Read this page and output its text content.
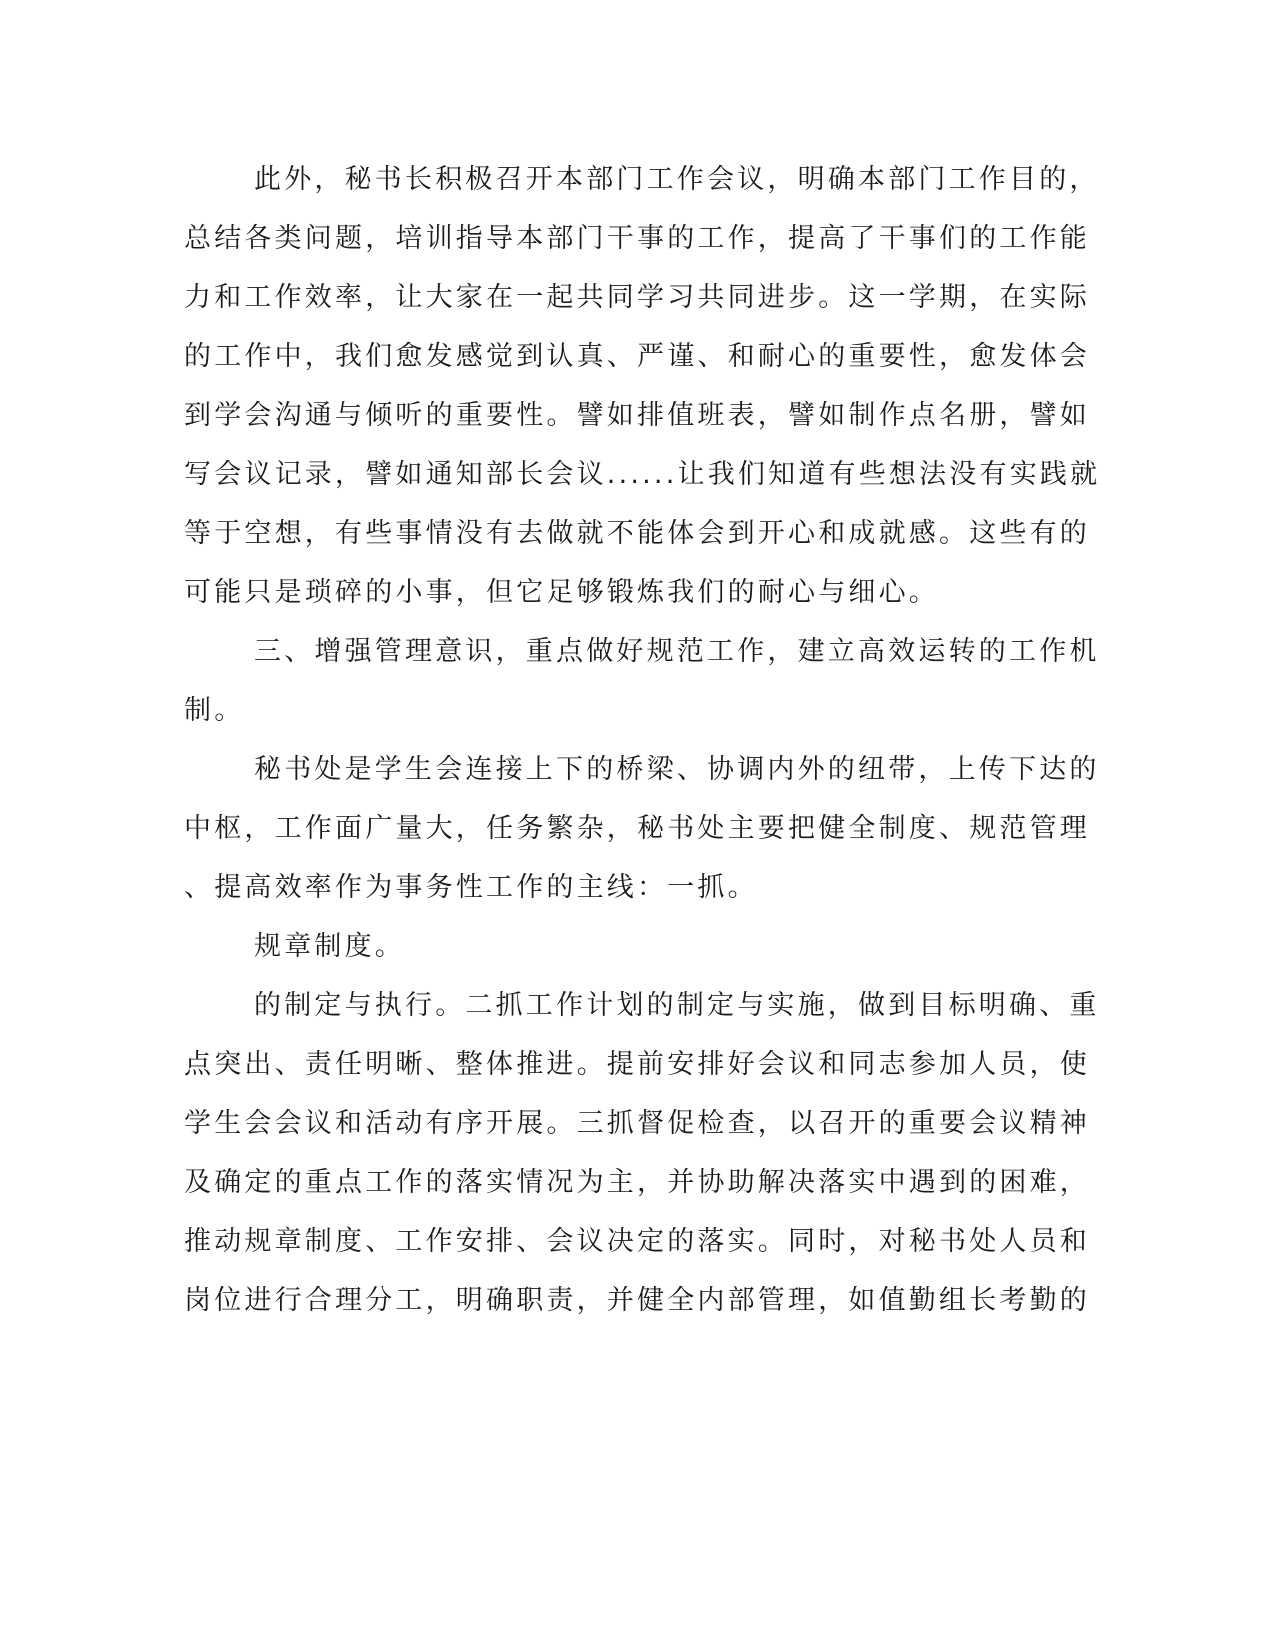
此外，秘书长积极召开本部门工作会议，明确本部门工作目的，
总结各类问题，培训指导本部门干事的工作，提高了干事们的工作能
力和工作效率，让大家在一起共同学习共同进步。这一学期，在实际
的工作中，我们愈发感觉到认真、严谨、和耐心的重要性，愈发体会
到学会沟通与倾听的重要性。譬如排值班表，譬如制作点名册，譬如
写会议记录，譬如通知部长会议......让我们知道有些想法没有实践就
等于空想，有些事情没有去做就不能体会到开心和成就感。这些有的
可能只是琐碎的小事，但它足够锻炼我们的耐心与细心。
三、增强管理意识，重点做好规范工作，建立高效运转的工作机
制。
秘书处是学生会连接上下的桥梁、协调内外的纽带，上传下达的
中枢，工作面广量大，任务繁杂，秘书处主要把健全制度、规范管理
、提高效率作为事务性工作的主线：一抓。
规章制度。
的制定与执行。二抓工作计划的制定与实施，做到目标明确、重
点突出、责任明晰、整体推进。提前安排好会议和同志参加人员，使
学生会会议和活动有序开展。三抓督促检查，以召开的重要会议精神
及确定的重点工作的落实情况为主，并协助解决落实中遇到的困难，
推动规章制度、工作安排、会议决定的落实。同时，对秘书处人员和
岗位进行合理分工，明确职责，并健全内部管理，如值勤组长考勤的
